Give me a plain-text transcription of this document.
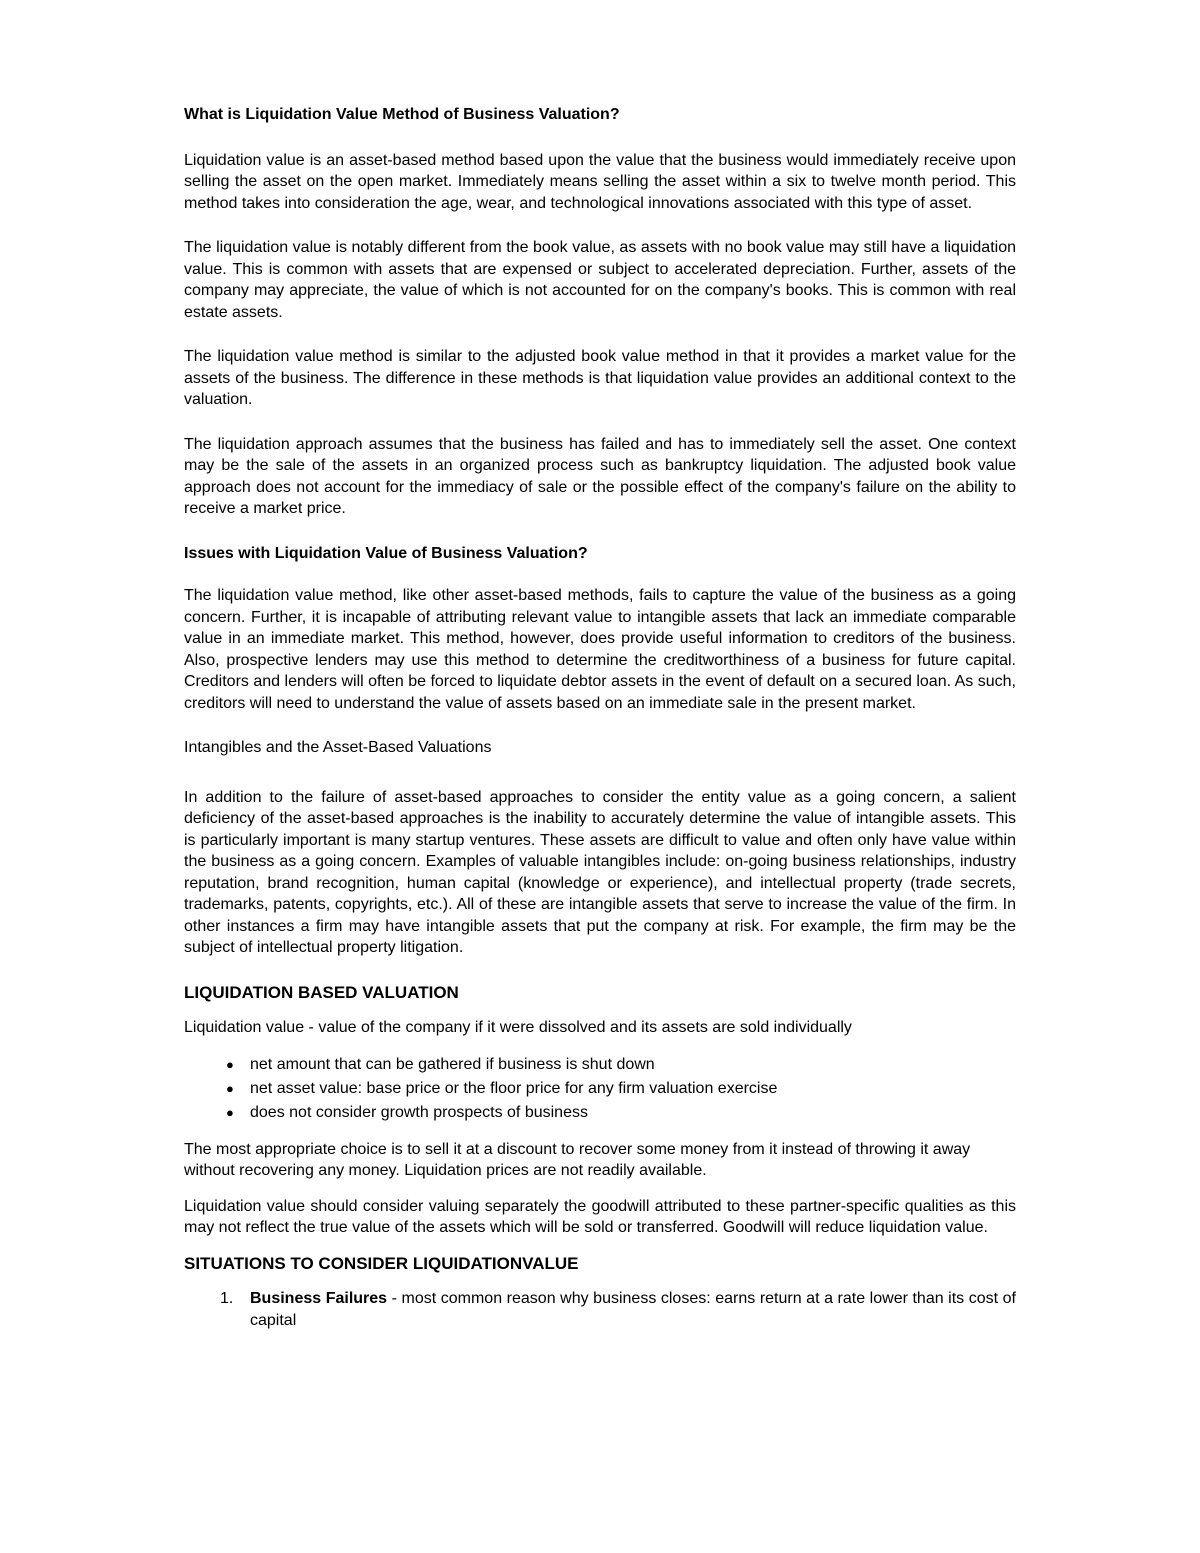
What is Liquidation Value Method of Business Valuation?

Liquidation value is an asset-based method based upon the value that the business would immediately receive upon selling the asset on the open market. Immediately means selling the asset within a six to twelve month period. This method takes into consideration the age, wear, and technological innovations associated with this type of asset.

The liquidation value is notably different from the book value, as assets with no book value may still have a liquidation value. This is common with assets that are expensed or subject to accelerated depreciation. Further, assets of the company may appreciate, the value of which is not accounted for on the company's books. This is common with real estate assets.

The liquidation value method is similar to the adjusted book value method in that it provides a market value for the assets of the business. The difference in these methods is that liquidation value provides an additional context to the valuation.

The liquidation approach assumes that the business has failed and has to immediately sell the asset. One context may be the sale of the assets in an organized process such as bankruptcy liquidation. The adjusted book value approach does not account for the immediacy of sale or the possible effect of the company's failure on the ability to receive a market price.

Issues with Liquidation Value of Business Valuation?

The liquidation value method, like other asset-based methods, fails to capture the value of the business as a going concern. Further, it is incapable of attributing relevant value to intangible assets that lack an immediate comparable value in an immediate market. This method, however, does provide useful information to creditors of the business. Also, prospective lenders may use this method to determine the creditworthiness of a business for future capital. Creditors and lenders will often be forced to liquidate debtor assets in the event of default on a secured loan. As such, creditors will need to understand the value of assets based on an immediate sale in the present market.

Intangibles and the Asset-Based Valuations

In addition to the failure of asset-based approaches to consider the entity value as a going concern, a salient deficiency of the asset-based approaches is the inability to accurately determine the value of intangible assets. This is particularly important is many startup ventures. These assets are difficult to value and often only have value within the business as a going concern. Examples of valuable intangibles include: on-going business relationships, industry reputation, brand recognition, human capital (knowledge or experience), and intellectual property (trade secrets, trademarks, patents, copyrights, etc.). All of these are intangible assets that serve to increase the value of the firm. In other instances a firm may have intangible assets that put the company at risk. For example, the firm may be the subject of intellectual property litigation.

LIQUIDATION BASED VALUATION

Liquidation value - value of the company if it were dissolved and its assets are sold individually

● net amount that can be gathered if business is shut down
● net asset value: base price or the floor price for any firm valuation exercise
● does not consider growth prospects of business

The most appropriate choice is to sell it at a discount to recover some money from it instead of throwing it away without recovering any money. Liquidation prices are not readily available.

Liquidation value should consider valuing separately the goodwill attributed to these partner-specific qualities as this may not reflect the true value of the assets which will be sold or transferred. Goodwill will reduce liquidation value.

SITUATIONS TO CONSIDER LIQUIDATIONVALUE
1. Business Failures - most common reason why business closes: earns return at a rate lower than its cost of capital
